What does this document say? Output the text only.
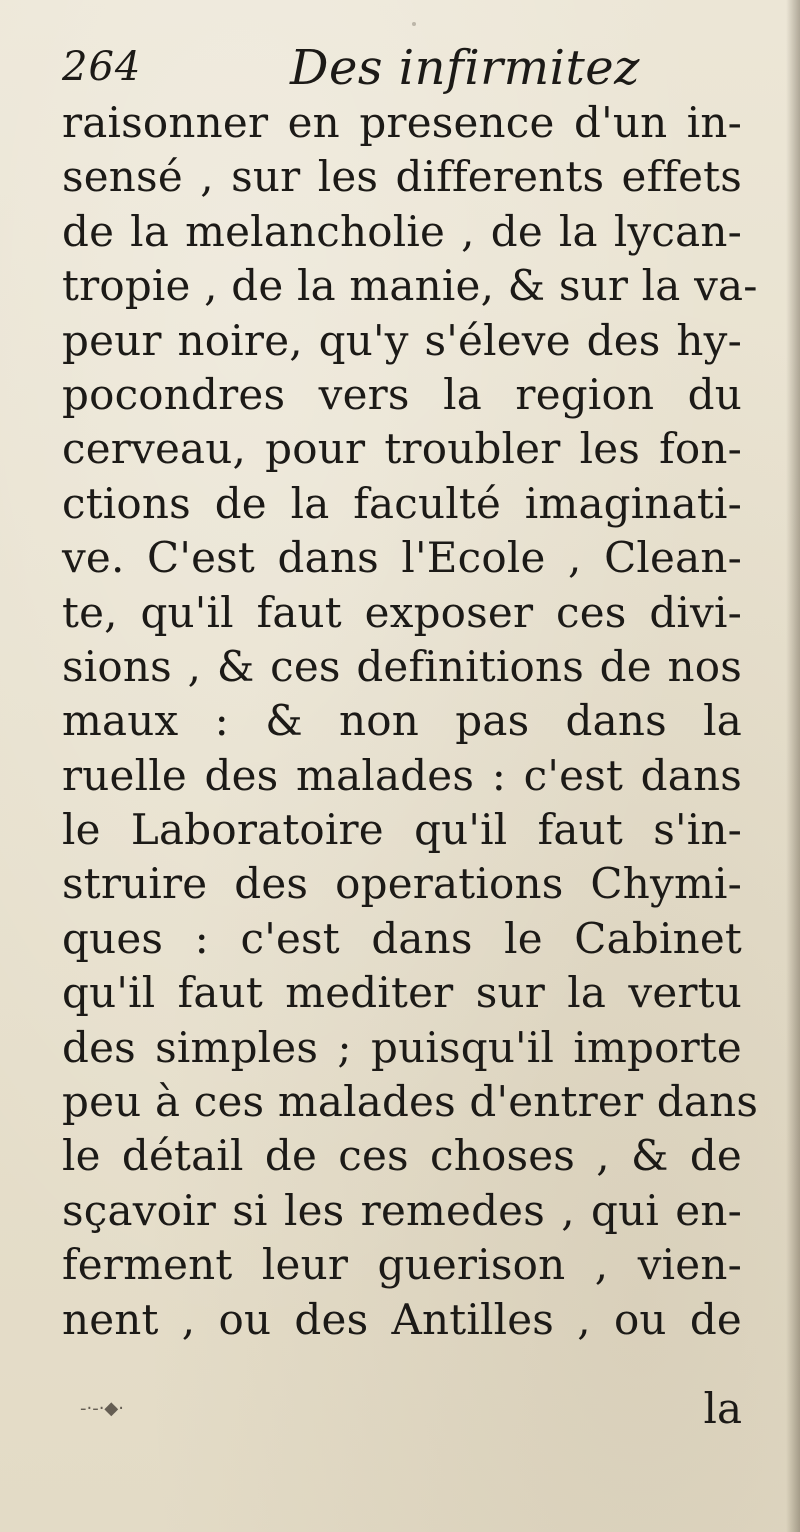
264	Des infirmitez
raisonner en presence d'un in-
sensé , sur les differents effets
de la melancholie , de la lycan-
tropie , de la manie, & sur la va-
peur noire, qu'y s'éleve des hy-
pocondres vers la region du
cerveau, pour troubler les fon-
ctions de la faculté imaginati-
ve. C'est dans l'Ecole , Clean-
te, qu'il faut exposer ces divi-
sions , & ces definitions de nos
maux : & non pas dans la
ruelle des malades : c'est dans
le Laboratoire qu'il faut s'in-
struire des operations Chymi-
ques : c'est dans le Cabinet
qu'il faut mediter sur la vertu
des simples ; puisqu'il importe
peu à ces malades d'entrer dans
le détail de ces choses , & de
sçavoir si les remedes , qui en-
ferment leur guerison , vien-
nent , ou des Antilles , ou de
-·-·◆·	la
